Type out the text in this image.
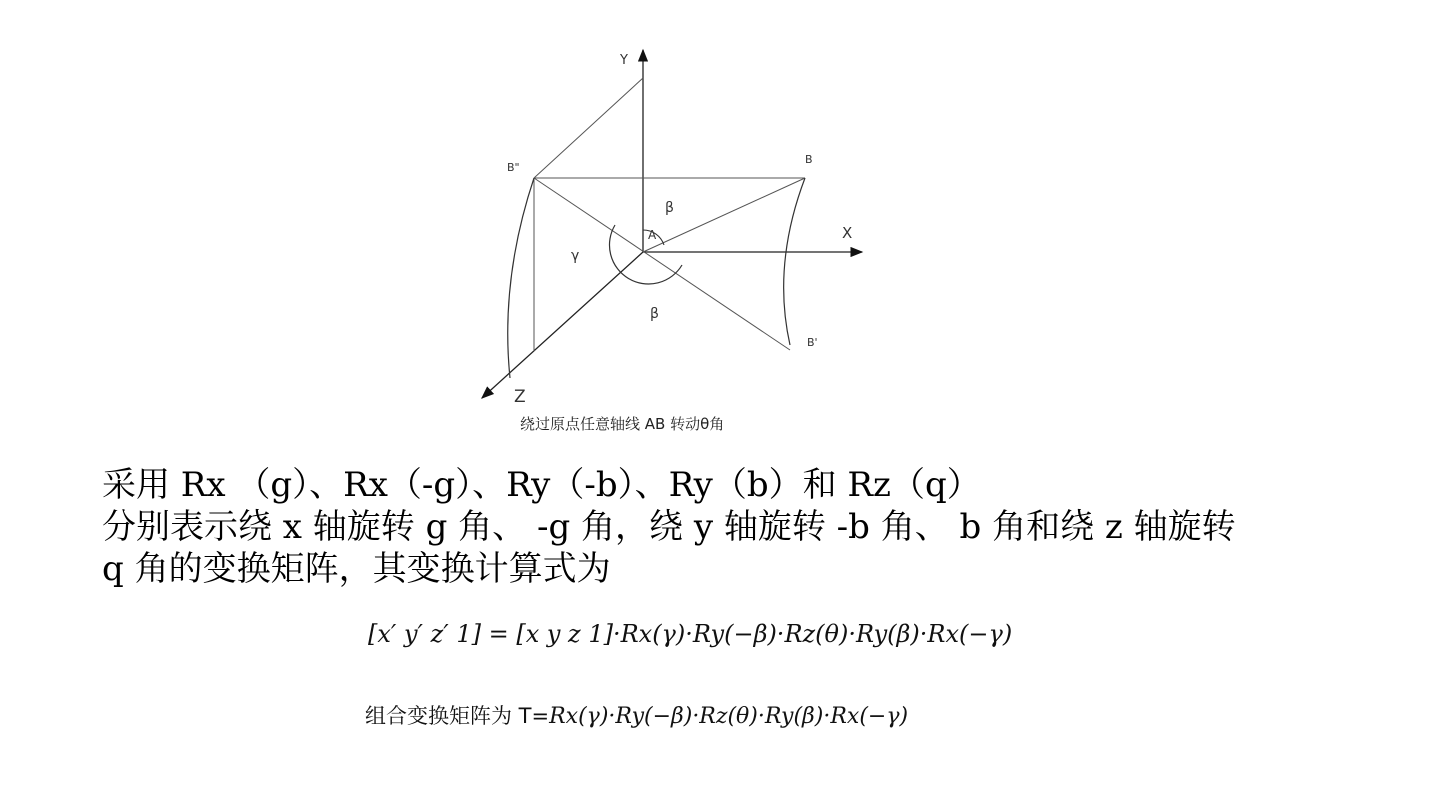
Y
X
Z
B
B"
B'
A
β
β
γ
绕过原点任意轴线 AB 转动θ角

采用 Rx （g）、Rx（-g）、Ry（-b）、Ry（b）和 Rz（q）
分别表示绕 x 轴旋转 g 角、 -g 角，绕 y 轴旋转 -b 角、 b 角和绕 z 轴旋转
q 角的变换矩阵，其变换计算式为

[x′ y′ z′ 1] = [x y z 1]·Rx(γ)·Ry(−β)·Rz(θ)·Ry(β)·Rx(−γ)
组合变换矩阵为 T=Rx(γ)·Ry(−β)·Rz(θ)·Ry(β)·Rx(−γ)
